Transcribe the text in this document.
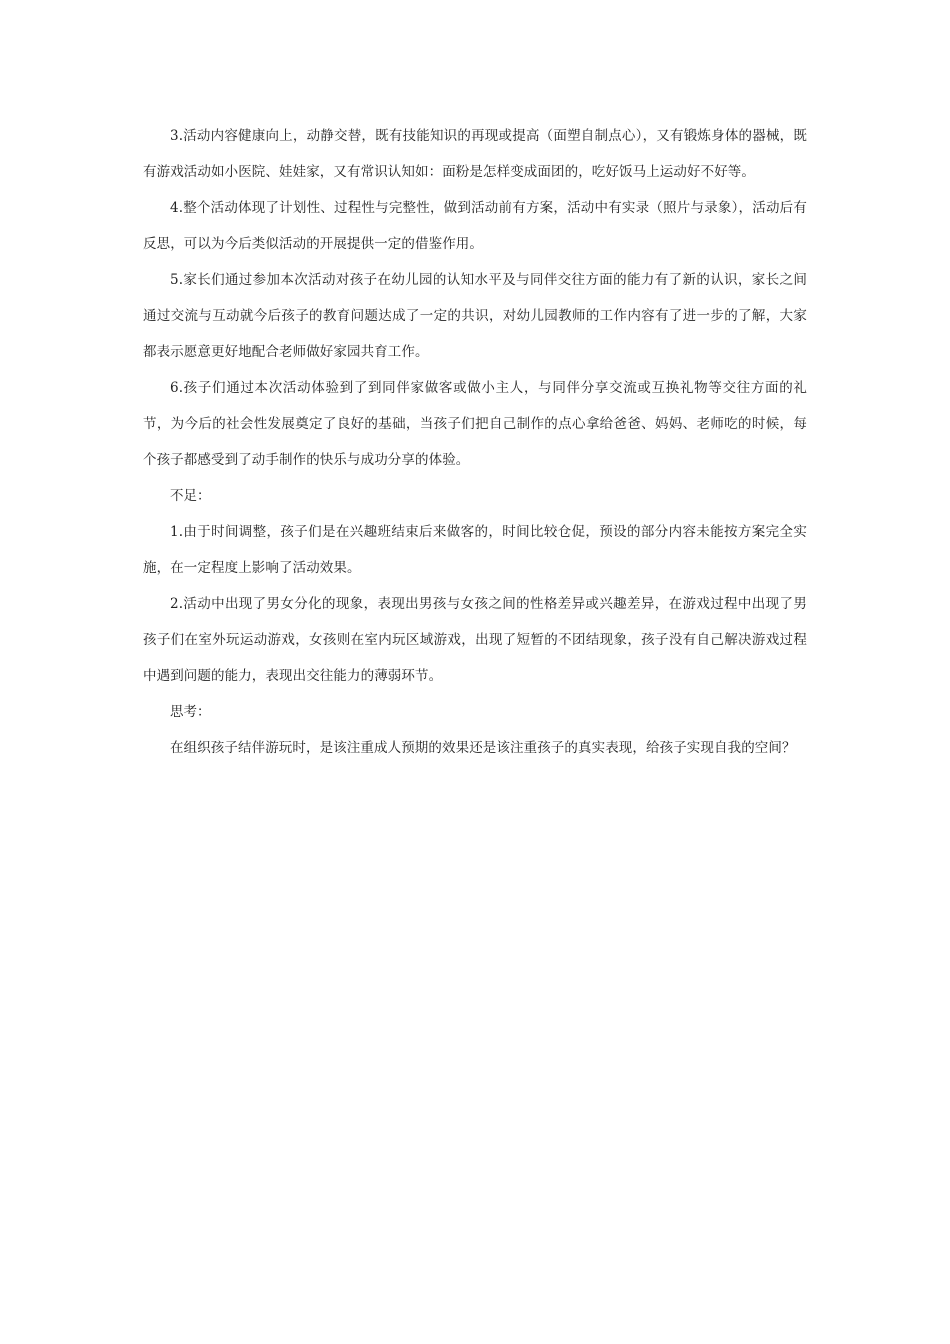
3.活动内容健康向上，动静交替，既有技能知识的再现或提高（面塑自制点心），又有锻炼身体的器械，既有游戏活动如小医院、娃娃家，又有常识认知如：面粉是怎样变成面团的，吃好饭马上运动好不好等。

4.整个活动体现了计划性、过程性与完整性，做到活动前有方案，活动中有实录（照片与录象），活动后有反思，可以为今后类似活动的开展提供一定的借鉴作用。

5.家长们通过参加本次活动对孩子在幼儿园的认知水平及与同伴交往方面的能力有了新的认识，家长之间通过交流与互动就今后孩子的教育问题达成了一定的共识，对幼儿园教师的工作内容有了进一步的了解，大家都表示愿意更好地配合老师做好家园共育工作。

6.孩子们通过本次活动体验到了到同伴家做客或做小主人，与同伴分享交流或互换礼物等交往方面的礼节，为今后的社会性发展奠定了良好的基础，当孩子们把自己制作的点心拿给爸爸、妈妈、老师吃的时候，每个孩子都感受到了动手制作的快乐与成功分享的体验。

不足：

1.由于时间调整，孩子们是在兴趣班结束后来做客的，时间比较仓促，预设的部分内容未能按方案完全实施，在一定程度上影响了活动效果。

2.活动中出现了男女分化的现象，表现出男孩与女孩之间的性格差异或兴趣差异，在游戏过程中出现了男孩子们在室外玩运动游戏，女孩则在室内玩区域游戏，出现了短暂的不团结现象，孩子没有自己解决游戏过程中遇到问题的能力，表现出交往能力的薄弱环节。

思考：

在组织孩子结伴游玩时，是该注重成人预期的效果还是该注重孩子的真实表现，给孩子实现自我的空间？
